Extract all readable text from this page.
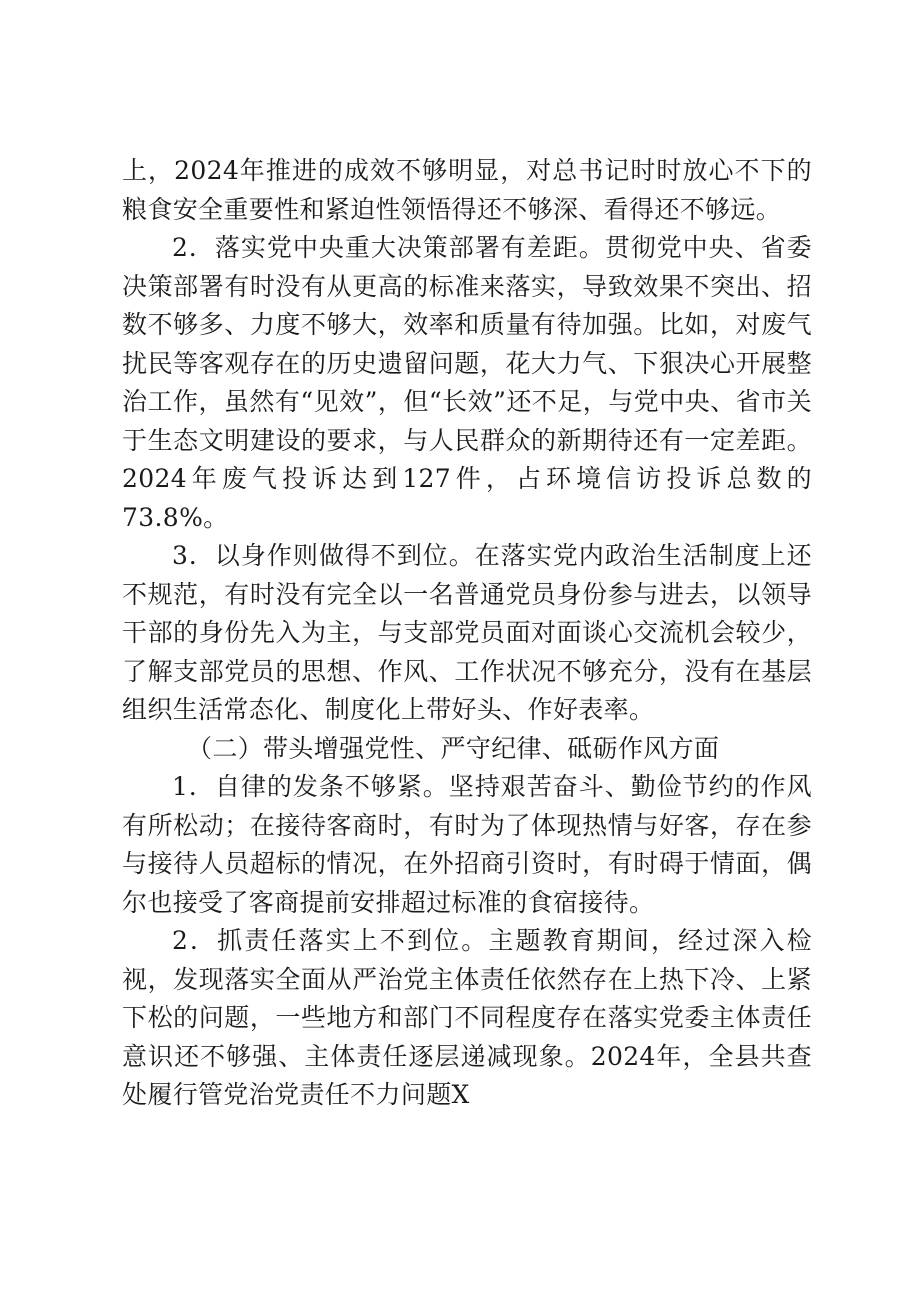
上，2024年推进的成效不够明显，对总书记时时放心不下的粮食安全重要性和紧迫性领悟得还不够深、看得还不够远。

2．落实党中央重大决策部署有差距。贯彻党中央、省委决策部署有时没有从更高的标准来落实，导致效果不突出、招数不够多、力度不够大，效率和质量有待加强。比如，对废气扰民等客观存在的历史遗留问题，花大力气、下狠决心开展整治工作，虽然有“见效”，但“长效”还不足，与党中央、省市关于生态文明建设的要求，与人民群众的新期待还有一定差距。2024年废气投诉达到127件，占环境信访投诉总数的73.8%。

3．以身作则做得不到位。在落实党内政治生活制度上还不规范，有时没有完全以一名普通党员身份参与进去，以领导干部的身份先入为主，与支部党员面对面谈心交流机会较少，了解支部党员的思想、作风、工作状况不够充分，没有在基层组织生活常态化、制度化上带好头、作好表率。

（二）带头增强党性、严守纪律、砥砺作风方面

1．自律的发条不够紧。坚持艰苦奋斗、勤俭节约的作风有所松动；在接待客商时，有时为了体现热情与好客，存在参与接待人员超标的情况，在外招商引资时，有时碍于情面，偶尔也接受了客商提前安排超过标准的食宿接待。

2．抓责任落实上不到位。主题教育期间，经过深入检视，发现落实全面从严治党主体责任依然存在上热下冷、上紧下松的问题，一些地方和部门不同程度存在落实党委主体责任意识还不够强、主体责任逐层递减现象。2024年，全县共查处履行管党治党责任不力问题X
